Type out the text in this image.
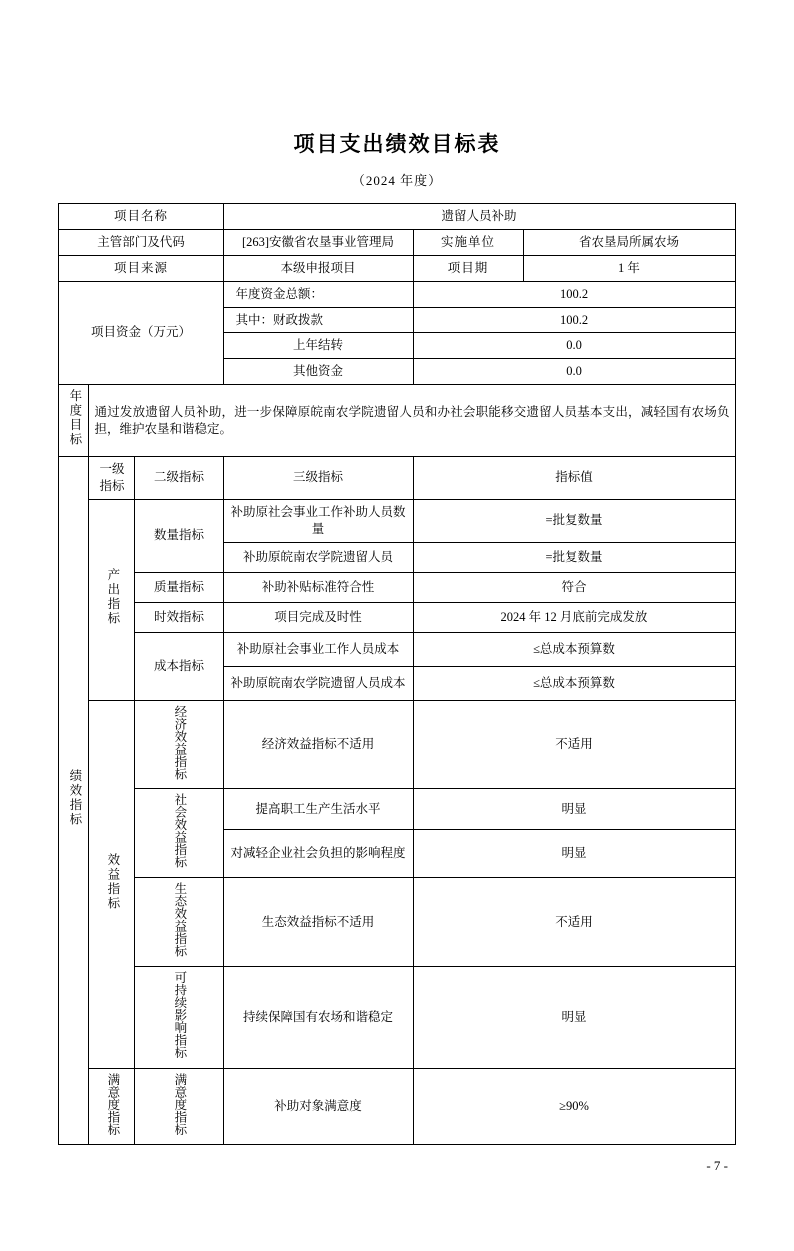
项目支出绩效目标表
（2024 年度）
项目名称			遗留人员补助		
主管部门及代码			[263]安徽省农垦事业管理局	实施单位	省农垦局所属农场
项目来源			本级申报项目	项目期	1 年
项目资金（万元）			年度资金总额：	100.2	
			其中：财政拨款	100.2	
			上年结转	0.0	
			其他资金	0.0	
年度目标	通过发放遗留人员补助，进一步保障原皖南农学院遗留人员和办社会职能移交遗留人员基本支出，减轻国有农场负担，维护农垦和谐稳定。				

绩效指标	一级指标	二级指标	三级指标	指标值	
	产出指标	数量指标	补助原社会事业工作补助人员数量	=批复数量	
			补助原皖南农学院遗留人员	=批复数量	
		质量指标	补助补贴标准符合性	符合	
		时效指标	项目完成及时性	2024 年 12 月底前完成发放	
		成本指标	补助原社会事业工作人员成本	≤总成本预算数	
			补助原皖南农学院遗留人员成本	≤总成本预算数	
	效益指标	经济效益指标	经济效益指标不适用	不适用	
		社会效益指标	提高职工生产生活水平	明显	
			对减轻企业社会负担的影响程度	明显	
		生态效益指标	生态效益指标不适用	不适用	
		可持续影响指标	持续保障国有农场和谐稳定	明显	
	满意度指标	满意度指标	补助对象满意度	≥90%	
- 7 -
